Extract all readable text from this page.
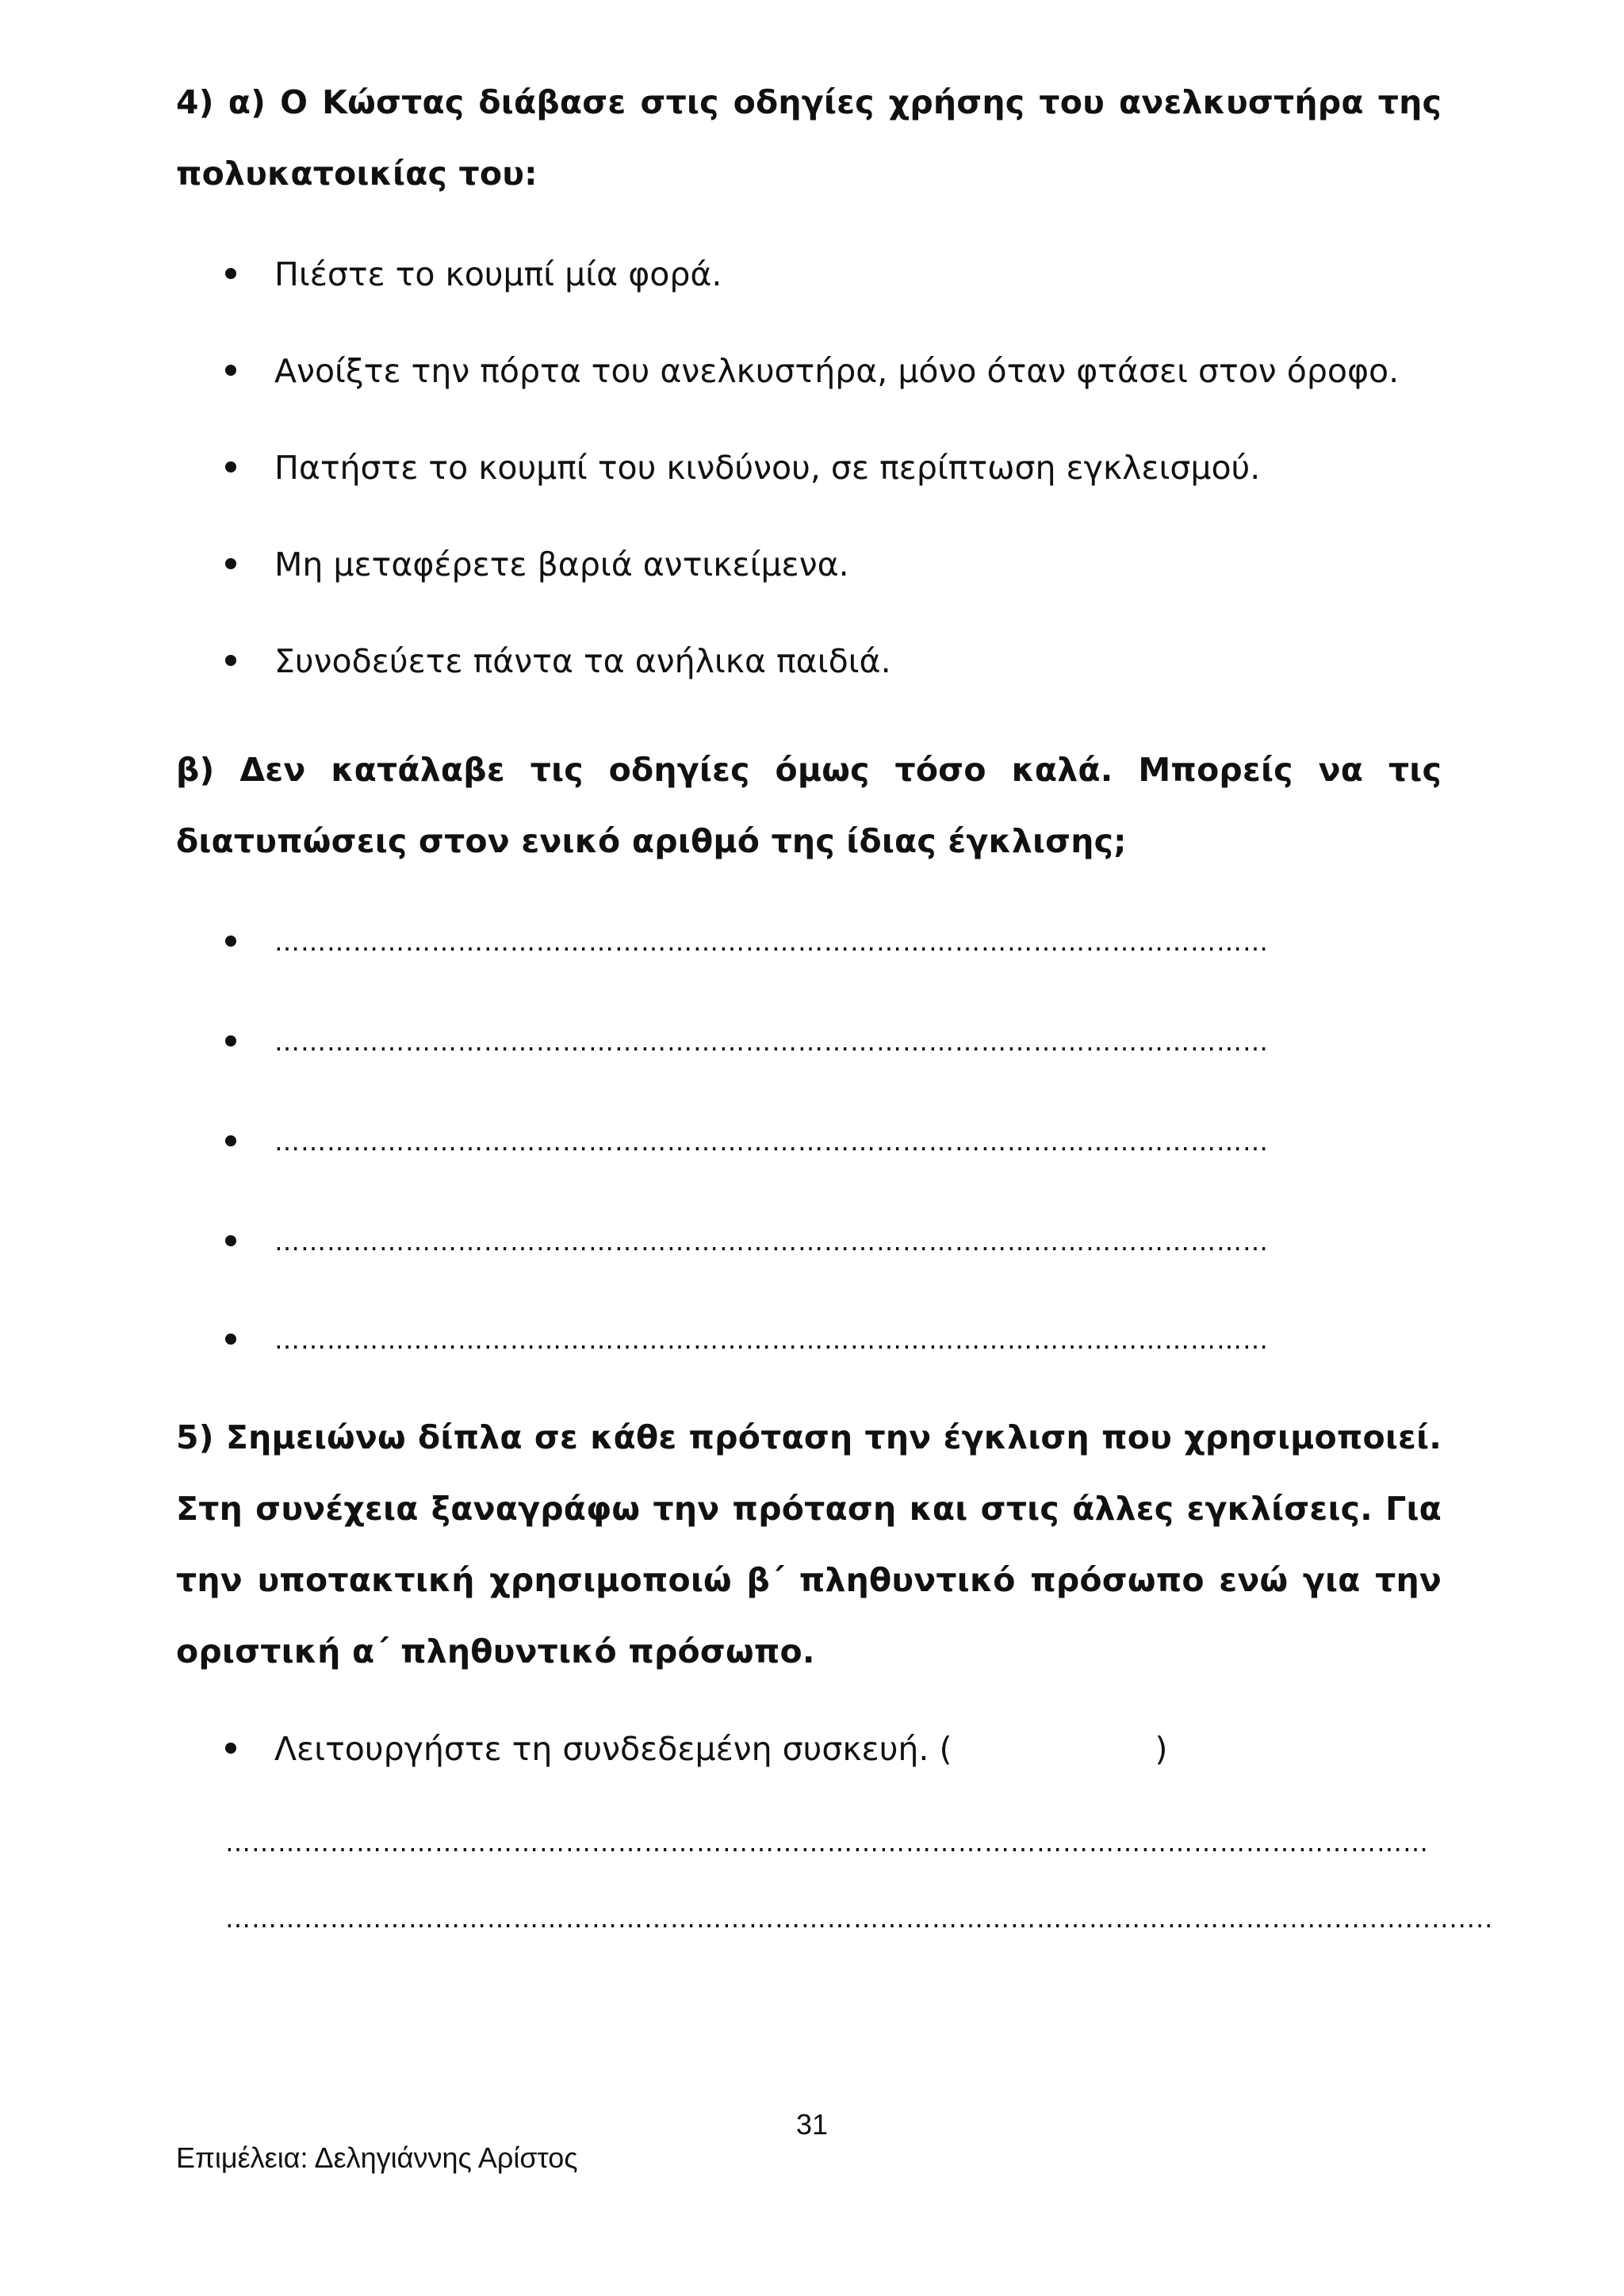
4) α) Ο Κώστας διάβασε στις οδηγίες χρήσης του ανελκυστήρα της πολυκατοικίας του:

Πιέστε το κουμπί μία φορά.
Ανοίξτε την πόρτα του ανελκυστήρα, μόνο όταν φτάσει στον όροφο.
Πατήστε το κουμπί του κινδύνου, σε περίπτωση εγκλεισμού.
Μη μεταφέρετε βαριά αντικείμενα.
Συνοδεύετε πάντα τα ανήλικα παιδιά.

β) Δεν κατάλαβε τις οδηγίες όμως τόσο καλά. Μπορείς να τις διατυπώσεις στον ενικό αριθμό της ίδιας έγκλισης;

……………………………………………………………………………………………………
……………………………………………………………………………………………………
……………………………………………………………………………………………………
……………………………………………………………………………………………………
……………………………………………………………………………………………………

5) Σημειώνω δίπλα σε κάθε πρόταση την έγκλιση που χρησιμοποιεί. Στη συνέχεια ξαναγράφω την πρόταση και στις άλλες εγκλίσεις. Για την υποτακτική χρησιμοποιώ β΄ πληθυντικό πρόσωπο ενώ για την οριστική α΄ πληθυντικό πρόσωπο.

Λειτουργήστε τη συνδεδεμένη συσκευή. (	)
…………………………………………………………………………………………………………………………
………………………………………………………………………………………………………….........................
31
Επιμέλεια: Δεληγιάννης Αρίστος
